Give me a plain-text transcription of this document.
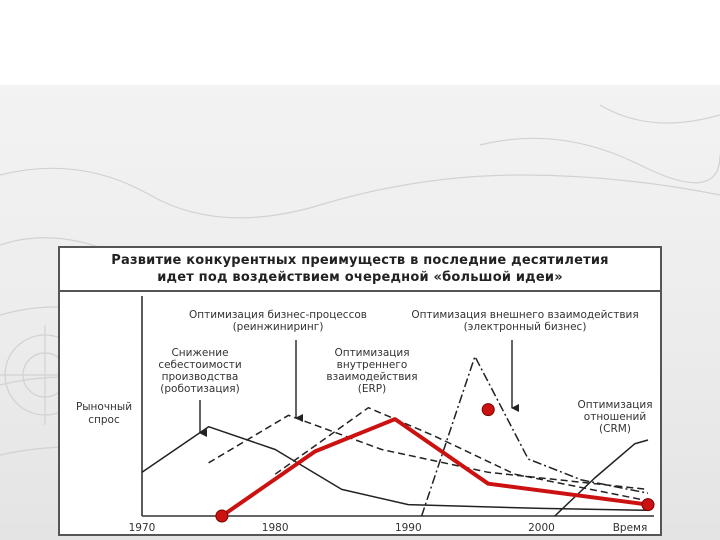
Развитие конкурентных преимуществ в последние десятилетия
идет под воздействием очередной «большой идеи»
Рыночный
спрос
1970	1980	1990	2000	Время
Снижение
себестоимости
производства
(роботизация)
Оптимизация бизнес-процессов
(реинжиниринг)
Оптимизация
внутреннего
взаимодействия
(ERP)
Оптимизация внешнего взаимодействия
(электронный бизнес)
Оптимизация
отношений
(CRM)
